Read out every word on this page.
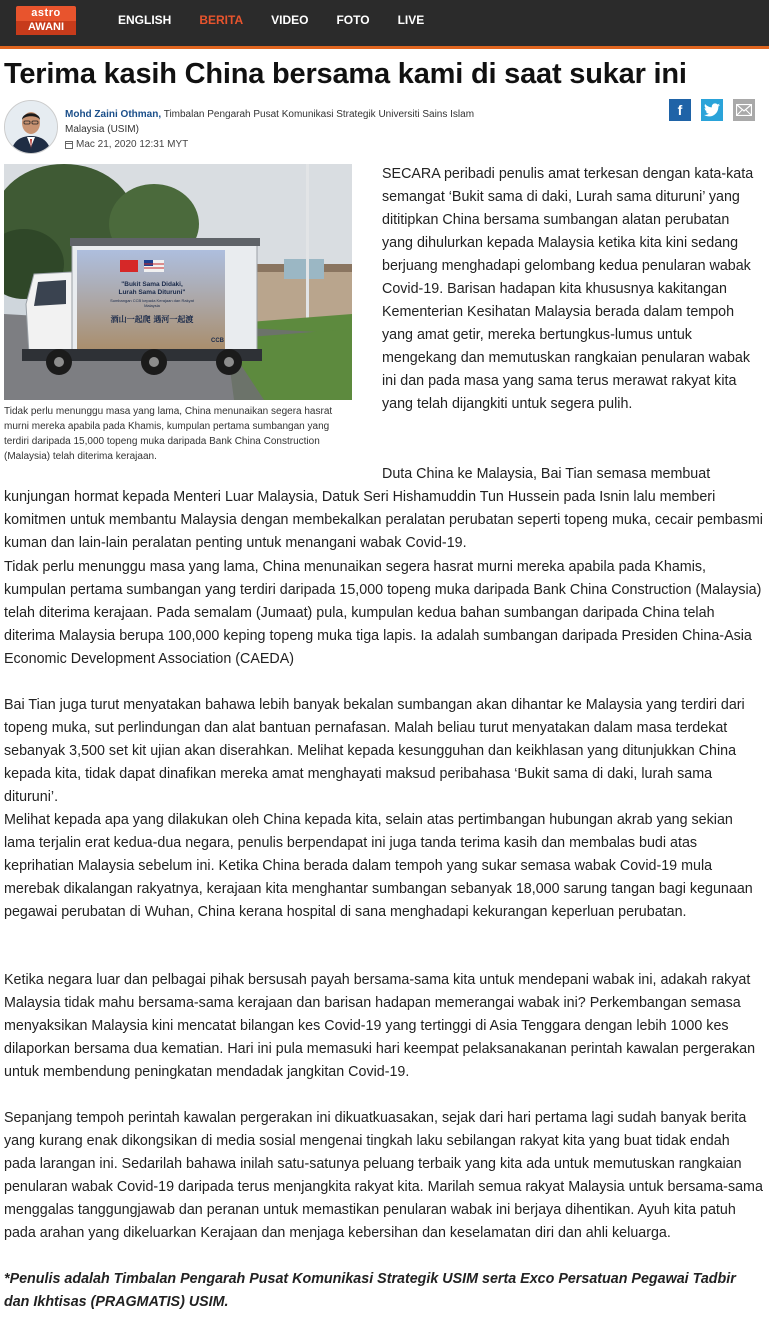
astro
AWANI	ENGLISH BERITA VIDEO FOTO LIVE
Terima kasih China bersama kami di saat sukar ini
Mohd Zaini Othman, Timbalan Pengarah Pusat Komunikasi Strategik Universiti Sains Islam Malaysia (USIM)
Mac 21, 2020 12:31 MYT
f
"Bukit Sama Didaki,
Lurah Sama Dituruni"
Sumbangan CCB kepada Kerajaan dan Rakyat
Malaysia
酒山一起爬 遇河一起渡
CCB
Tidak perlu menunggu masa yang lama, China menunaikan segera hasrat murni mereka apabila pada Khamis, kumpulan pertama sumbangan yang terdiri daripada 15,000 topeng muka daripada Bank China Construction (Malaysia) telah diterima kerajaan.

SECARA peribadi penulis amat terkesan dengan kata-kata semangat ‘Bukit sama di daki, Lurah sama dituruni’ yang dititipkan China bersama sumbangan alatan perubatan yang dihulurkan kepada Malaysia ketika kita kini sedang berjuang menghadapi gelombang kedua penularan wabak Covid-19. Barisan hadapan kita khususnya kakitangan Kementerian Kesihatan Malaysia berada dalam tempoh yang amat getir, mereka bertungkus-lumus untuk mengekang dan memutuskan rangkaian penularan wabak ini dan pada masa yang sama terus merawat rakyat kita yang telah dijangkiti untuk segera pulih.

Duta China ke Malaysia, Bai Tian semasa membuat kunjungan hormat kepada Menteri Luar Malaysia, Datuk Seri Hishamuddin Tun Hussein pada Isnin lalu memberi komitmen untuk membantu Malaysia dengan membekalkan peralatan perubatan seperti topeng muka, cecair pembasmi kuman dan lain-lain peralatan penting untuk menangani wabak Covid-19.

Tidak perlu menunggu masa yang lama, China menunaikan segera hasrat murni mereka apabila pada Khamis, kumpulan pertama sumbangan yang terdiri daripada 15,000 topeng muka daripada Bank China Construction (Malaysia) telah diterima kerajaan. Pada semalam (Jumaat) pula, kumpulan kedua bahan sumbangan daripada China telah diterima Malaysia berupa 100,000 keping topeng muka tiga lapis. Ia adalah sumbangan daripada Presiden China-Asia Economic Development Association (CAEDA)

Bai Tian juga turut menyatakan bahawa lebih banyak bekalan sumbangan akan dihantar ke Malaysia yang terdiri dari topeng muka, sut perlindungan dan alat bantuan pernafasan. Malah beliau turut menyatakan dalam masa terdekat sebanyak 3,500 set kit ujian akan diserahkan. Melihat kepada kesungguhan dan keikhlasan yang ditunjukkan China kepada kita, tidak dapat dinafikan mereka amat menghayati maksud peribahasa ‘Bukit sama di daki, lurah sama dituruni’.

Melihat kepada apa yang dilakukan oleh China kepada kita, selain atas pertimbangan hubungan akrab yang sekian lama terjalin erat kedua-dua negara, penulis berpendapat ini juga tanda terima kasih dan membalas budi atas keprihatian Malaysia sebelum ini. Ketika China berada dalam tempoh yang sukar semasa wabak Covid-19 mula merebak dikalangan rakyatnya, kerajaan kita menghantar sumbangan sebanyak 18,000 sarung tangan bagi kegunaan pegawai perubatan di Wuhan, China kerana hospital di sana menghadapi kekurangan keperluan perubatan.

Ketika negara luar dan pelbagai pihak bersusah payah bersama-sama kita untuk mendepani wabak ini, adakah rakyat Malaysia tidak mahu bersama-sama kerajaan dan barisan hadapan memerangai wabak ini? Perkembangan semasa menyaksikan Malaysia kini mencatat bilangan kes Covid-19 yang tertinggi di Asia Tenggara dengan lebih 1000 kes dilaporkan bersama dua kematian. Hari ini pula memasuki hari keempat pelaksanakanan perintah kawalan pergerakan untuk membendung peningkatan mendadak jangkitan Covid-19.

Sepanjang tempoh perintah kawalan pergerakan ini dikuatkuasakan, sejak dari hari pertama lagi sudah banyak berita yang kurang enak dikongsikan di media sosial mengenai tingkah laku sebilangan rakyat kita yang buat tidak endah pada larangan ini. Sedarilah bahawa inilah satu-satunya peluang terbaik yang kita ada untuk memutuskan rangkaian penularan wabak Covid-19 daripada terus menjangkita rakyat kita. Marilah semua rakyat Malaysia untuk bersama-sama menggalas tanggungjawab dan peranan untuk memastikan penularan wabak ini berjaya dihentikan. Ayuh kita patuh pada arahan yang dikeluarkan Kerajaan dan menjaga kebersihan dan keselamatan diri dan ahli keluarga.

*Penulis adalah Timbalan Pengarah Pusat Komunikasi Strategik USIM serta Exco Persatuan Pegawai Tadbir dan Ikhtisas (PRAGMATIS) USIM.
